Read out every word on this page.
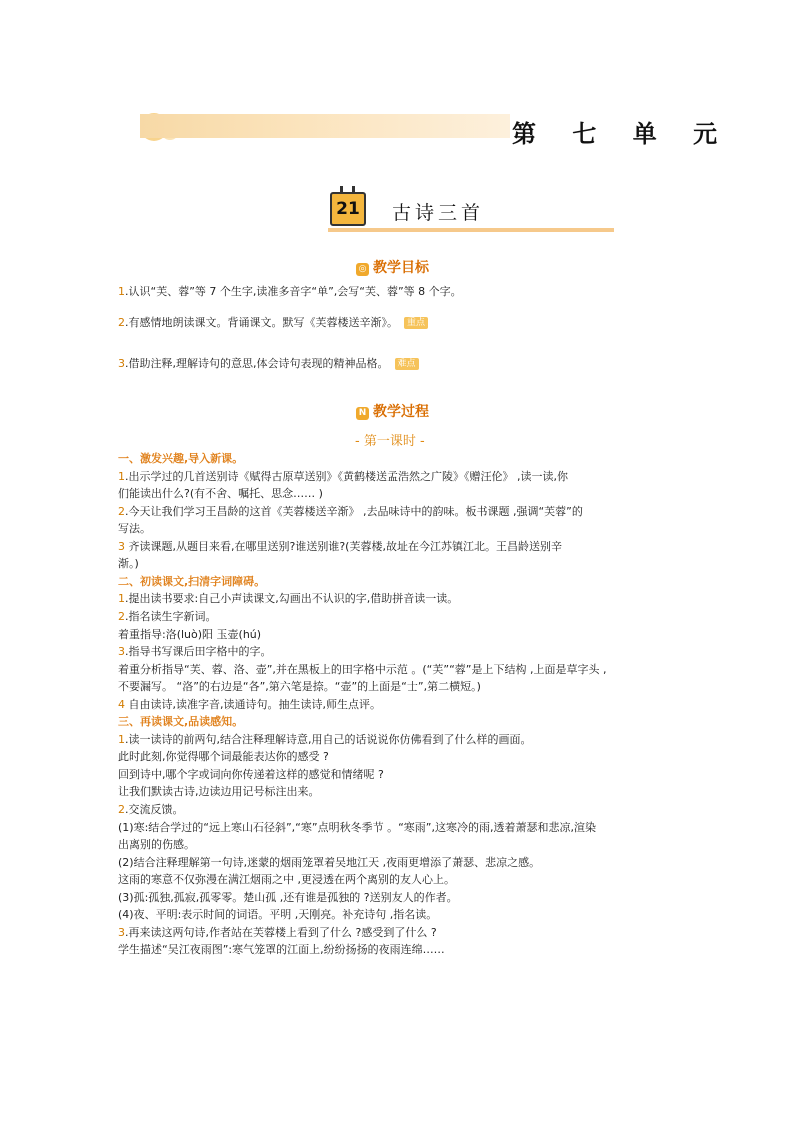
第 七 单 元
21	古诗三首
◎ 教学目标
1.认识“芙、蓉”等 7 个生字,读准多音字“单”,会写“芙、蓉”等 8 个字。
2.有感情地朗读课文。背诵课文。默写《芙蓉楼送辛渐》。 重点
3.借助注释,理解诗句的意思,体会诗句表现的精神品格。 难点
N 教学过程
- 第一课时 -
一、激发兴趣,导入新课。
1.出示学过的几首送别诗《赋得古原草送别》《黄鹤楼送孟浩然之广陵》《赠汪伦》 ,读一读,你
们能读出什么?(有不舍、嘱托、思念…… )
2.今天让我们学习王昌龄的这首《芙蓉楼送辛渐》 ,去品味诗中的韵味。板书课题 ,强调“芙蓉”的
写法。
3 齐读课题,从题目来看,在哪里送别?谁送别谁?(芙蓉楼,故址在今江苏镇江北。王昌龄送别辛
渐。)
二、初读课文,扫清字词障碍。
1.提出读书要求:自己小声读课文,勾画出不认识的字,借助拼音读一读。
2.指名读生字新词。
着重指导:洛(luò)阳 玉壶(hú)
3.指导书写课后田字格中的字。
着重分析指导“芙、蓉、洛、壶”,并在黑板上的田字格中示范 。(“芙”“蓉”是上下结构 ,上面是草字头 ,
不要漏写。 “洛”的右边是“各”,第六笔是捺。“壶”的上面是“士”,第二横短。)
4 自由读诗,读准字音,读通诗句。抽生读诗,师生点评。
三、再读课文,品读感知。
1.读一读诗的前两句,结合注释理解诗意,用自己的话说说你仿佛看到了什么样的画面。
此时此刻,你觉得哪个词最能表达你的感受 ?
回到诗中,哪个字或词向你传递着这样的感觉和情绪呢 ?
让我们默读古诗,边读边用记号标注出来。
2.交流反馈。
(1)寒:结合学过的“远上寒山石径斜”,“寒”点明秋冬季节 。“寒雨”,这寒冷的雨,透着萧瑟和悲凉,渲染
出离别的伤感。
(2)结合注释理解第一句诗,迷蒙的烟雨笼罩着吴地江天 ,夜雨更增添了萧瑟、悲凉之感。
这雨的寒意不仅弥漫在满江烟雨之中 ,更浸透在两个离别的友人心上。
(3)孤:孤独,孤寂,孤零零。楚山孤 ,还有谁是孤独的 ?送别友人的作者。
(4)夜、平明:表示时间的词语。平明 ,天刚亮。补充诗句 ,指名读。
3.再来读这两句诗,作者站在芙蓉楼上看到了什么 ?感受到了什么 ?
学生描述“吴江夜雨图”:寒气笼罩的江面上,纷纷扬扬的夜雨连绵……
